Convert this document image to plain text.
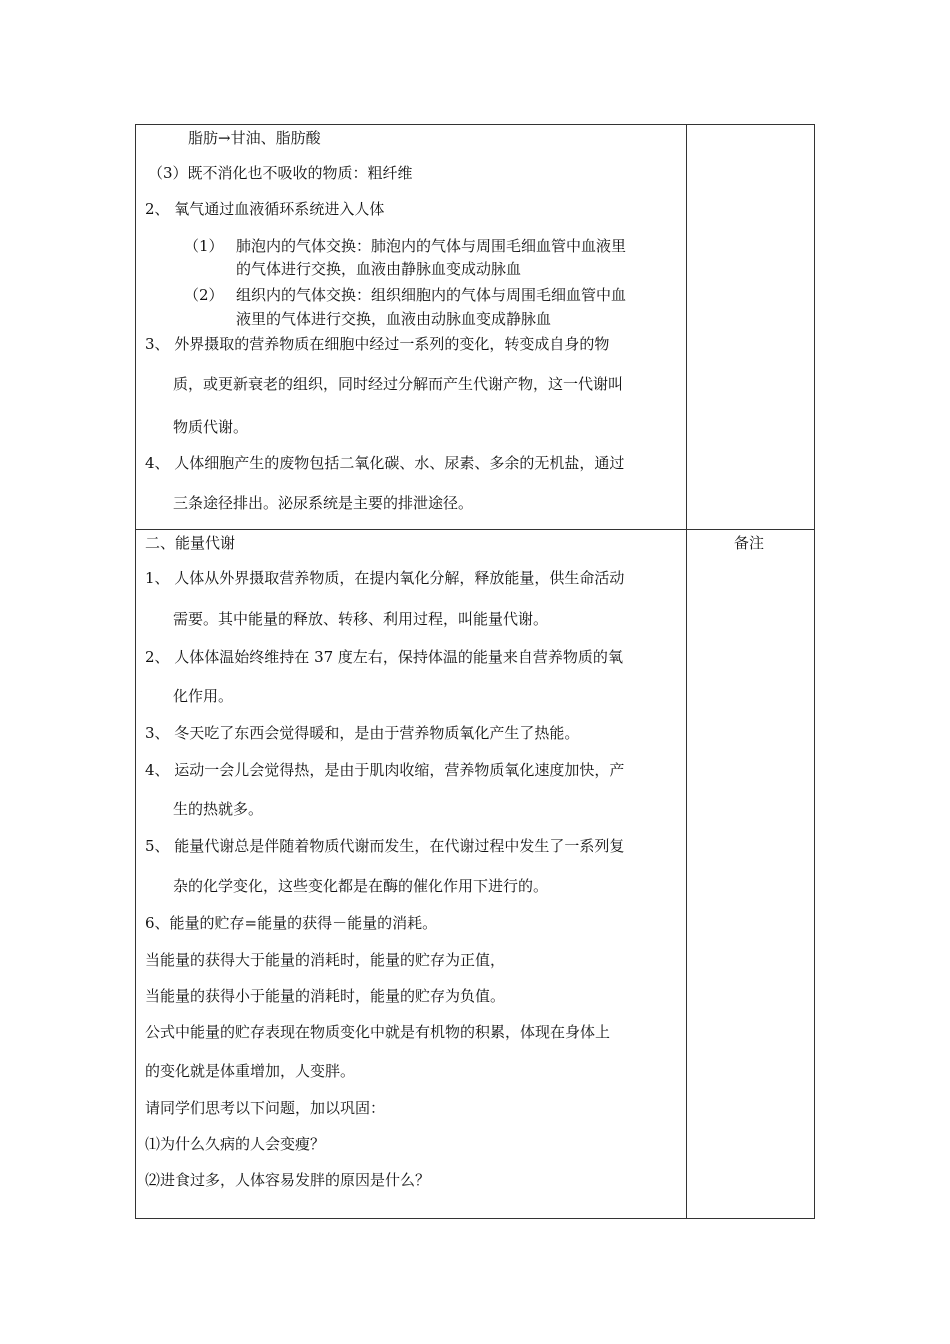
脂肪→甘油、脂肪酸
（3）既不消化也不吸收的物质：粗纤维
2、 氧气通过血液循环系统进入人体
（1） 肺泡内的气体交换：肺泡内的气体与周围毛细血管中血液里
的气体进行交换，血液由静脉血变成动脉血
（2） 组织内的气体交换：组织细胞内的气体与周围毛细血管中血
液里的气体进行交换，血液由动脉血变成静脉血
3、 外界摄取的营养物质在细胞中经过一系列的变化，转变成自身的物
质，或更新衰老的组织，同时经过分解而产生代谢产物，这一代谢叫
物质代谢。
4、 人体细胞产生的废物包括二氧化碳、水、尿素、多余的无机盐，通过
三条途径排出。泌尿系统是主要的排泄途径。
二、能量代谢	备注
1、 人体从外界摄取营养物质，在提内氧化分解，释放能量，供生命活动
需要。其中能量的释放、转移、利用过程，叫能量代谢。
2、 人体体温始终维持在 37 度左右，保持体温的能量来自营养物质的氧
化作用。
3、 冬天吃了东西会觉得暖和，是由于营养物质氧化产生了热能。
4、 运动一会儿会觉得热，是由于肌肉收缩，营养物质氧化速度加快，产
生的热就多。
5、 能量代谢总是伴随着物质代谢而发生，在代谢过程中发生了一系列复
杂的化学变化，这些变化都是在酶的催化作用下进行的。
6、能量的贮存=能量的获得－能量的消耗。
当能量的获得大于能量的消耗时，能量的贮存为正值，
当能量的获得小于能量的消耗时，能量的贮存为负值。
公式中能量的贮存表现在物质变化中就是有机物的积累，体现在身体上
的变化就是体重增加，人变胖。
请同学们思考以下问题，加以巩固：
⑴为什么久病的人会变瘦？
⑵进食过多，人体容易发胖的原因是什么？
